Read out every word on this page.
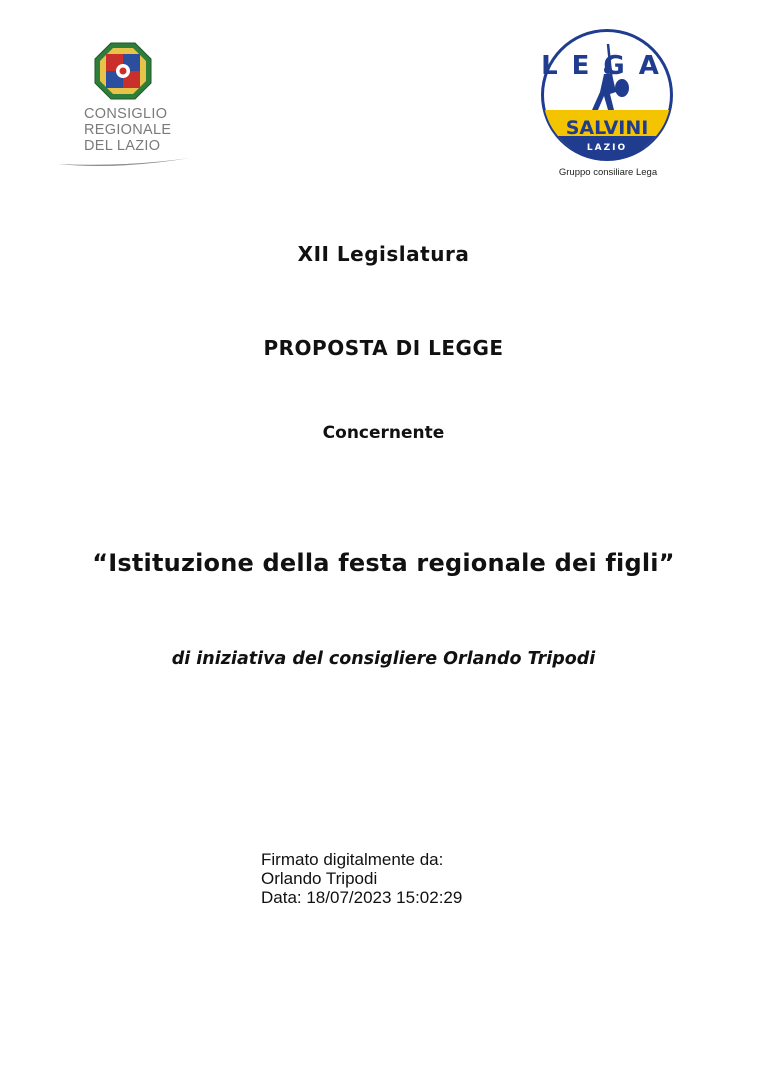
CONSIGLIO
REGIONALE
DEL LAZIO
LEGA
SALVINI
LAZIO
Gruppo consiliare Lega
XII Legislatura
PROPOSTA DI LEGGE
Concernente
“Istituzione della festa regionale dei figli”
di iniziativa del consigliere Orlando Tripodi
Firmato digitalmente da:
Orlando Tripodi
Data: 18/07/2023 15:02:29
